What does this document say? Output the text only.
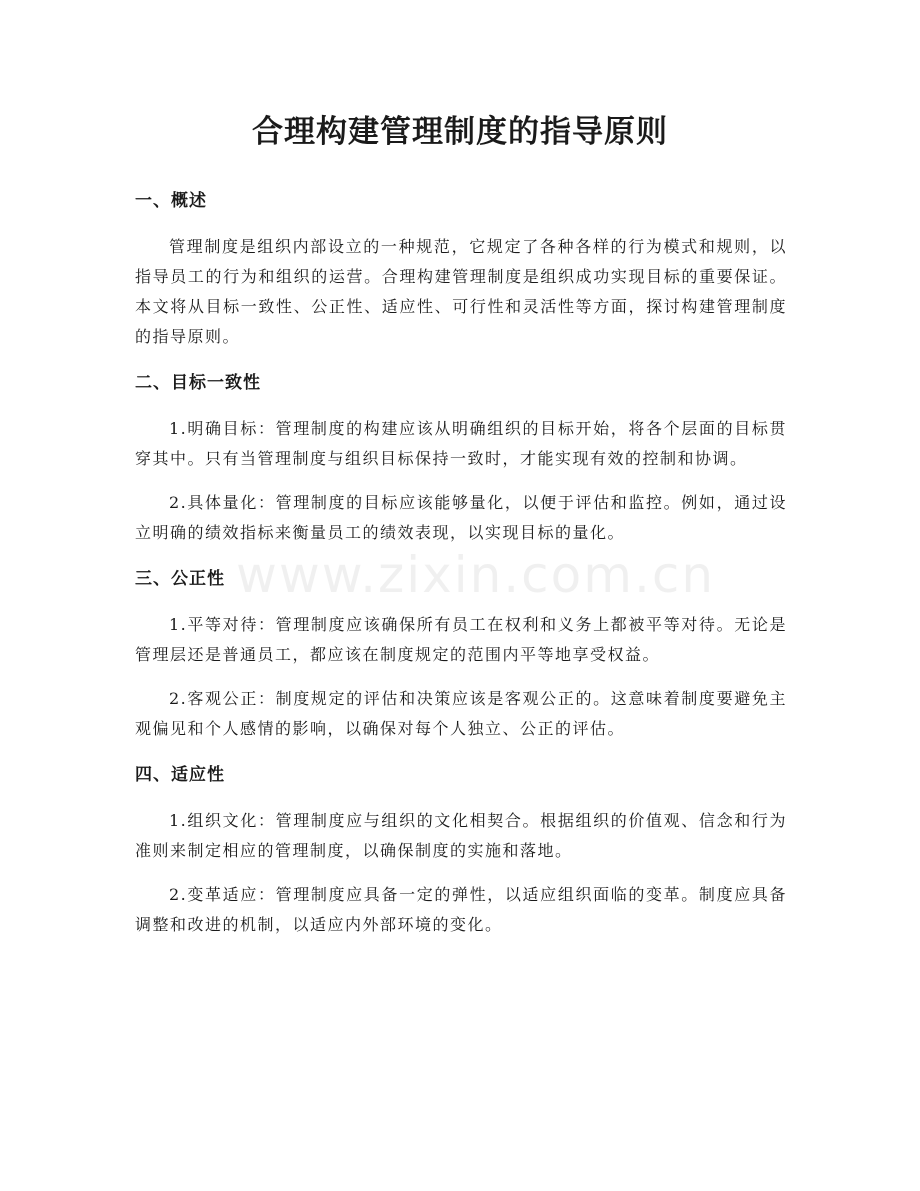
合理构建管理制度的指导原则
www.zixin.com.cn
一、概述

管理制度是组织内部设立的一种规范，它规定了各种各样的行为模式和规则，以指导员工的行为和组织的运营。合理构建管理制度是组织成功实现目标的重要保证。本文将从目标一致性、公正性、适应性、可行性和灵活性等方面，探讨构建管理制度的指导原则。

二、目标一致性

1.明确目标：管理制度的构建应该从明确组织的目标开始，将各个层面的目标贯穿其中。只有当管理制度与组织目标保持一致时，才能实现有效的控制和协调。

2.具体量化：管理制度的目标应该能够量化，以便于评估和监控。例如，通过设立明确的绩效指标来衡量员工的绩效表现，以实现目标的量化。

三、公正性

1.平等对待：管理制度应该确保所有员工在权利和义务上都被平等对待。无论是管理层还是普通员工，都应该在制度规定的范围内平等地享受权益。

2.客观公正：制度规定的评估和决策应该是客观公正的。这意味着制度要避免主观偏见和个人感情的影响，以确保对每个人独立、公正的评估。

四、适应性

1.组织文化：管理制度应与组织的文化相契合。根据组织的价值观、信念和行为准则来制定相应的管理制度，以确保制度的实施和落地。

2.变革适应：管理制度应具备一定的弹性，以适应组织面临的变革。制度应具备调整和改进的机制，以适应内外部环境的变化。
